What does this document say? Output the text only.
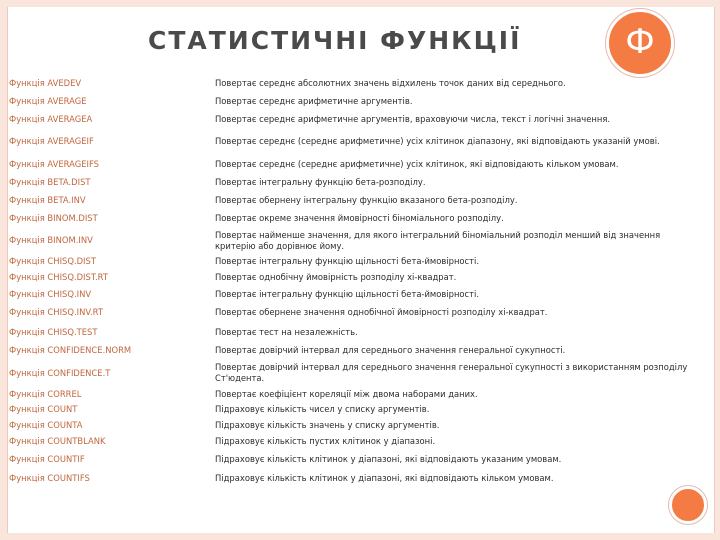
СТАТИСТИЧНІ ФУНКЦІЇ	Ф
Функція AVEDEV	Повертає середнє абсолютних значень відхилень точок даних від середнього.
Функція AVERAGE	Повертає середнє арифметичне аргументів.
Функція AVERAGEA	Повертає середнє арифметичне аргументів, враховуючи числа, текст і логічні значення.
Функція AVERAGEIF	Повертає середнє (середнє арифметичне) усіх клітинок діапазону, які відповідають указаній умові.
Функція AVERAGEIFS	Повертає середнє (середнє арифметичне) усіх клітинок, які відповідають кільком умовам.
Функція BETA.DIST	Повертає інтегральну функцію бета-розподілу.
Функція BETA.INV	Повертає обернену інтегральну функцію вказаного бета-розподілу.
Функція BINOM.DIST	Повертає окреме значення ймовірності біноміального розподілу.
Функція BINOM.INV	Повертає найменше значення, для якого інтегральний біноміальний розподіл менший від значення критерію або дорівнює йому.
Функція CHISQ.DIST	Повертає інтегральну функцію щільності бета-ймовірності.
Функція CHISQ.DIST.RT	Повертає однобічну ймовірність розподілу хі-квадрат.
Функція CHISQ.INV	Повертає інтегральну функцію щільності бета-ймовірності.
Функція CHISQ.INV.RT	Повертає обернене значення однобічної ймовірності розподілу хі-квадрат.
Функція CHISQ.TEST	Повертає тест на незалежність.
Функція CONFIDENCE.NORM	Повертає довірчий інтервал для середнього значення генеральної сукупності.
Функція CONFIDENCE.T	Повертає довірчий інтервал для середнього значення генеральної сукупності з використанням розподілу Ст'юдента.
Функція CORREL	Повертає коефіцієнт кореляції між двома наборами даних.
Функція COUNT	Підраховує кількість чисел у списку аргументів.
Функція COUNTA	Підраховує кількість значень у списку аргументів.
Функція COUNTBLANK	Підраховує кількість пустих клітинок у діапазоні.
Функція COUNTIF	Підраховує кількість клітинок у діапазоні, які відповідають указаним умовам.
Функція COUNTIFS	Підраховує кількість клітинок у діапазоні, які відповідають кільком умовам.
